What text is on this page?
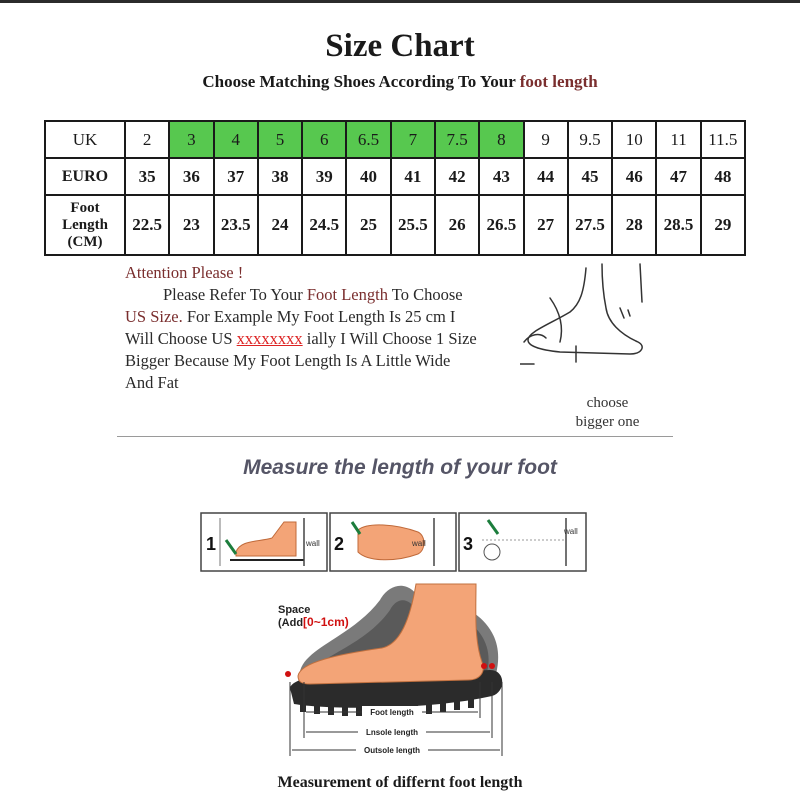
Size Chart
Choose Matching Shoes According To Your foot length
UK	2	3	4	5	6	6.5	7	7.5	8	9	9.5	10	11	11.5
EURO	35	36	37	38	39	40	41	42	43	44	45	46	47	48
Foot
Length
(CM)	22.5	23	23.5	24	24.5	25	25.5	26	26.5	27	27.5	28	28.5	29
Attention Please !
Please Refer To Your Foot Length To Choose
US Size. For Example My Foot Length Is 25 cm I
Will Choose US xxxxxxxx ially I Will Choose 1 Size
Bigger Because My Foot Length Is A Little Wide
And Fat
choose
bigger one
Measure the length of your foot
1	wall 2	wall 3
wall
Foot length
Lnsole length
Outsole length
Space
(Add[0~1cm)
Measurement of differnt foot length
